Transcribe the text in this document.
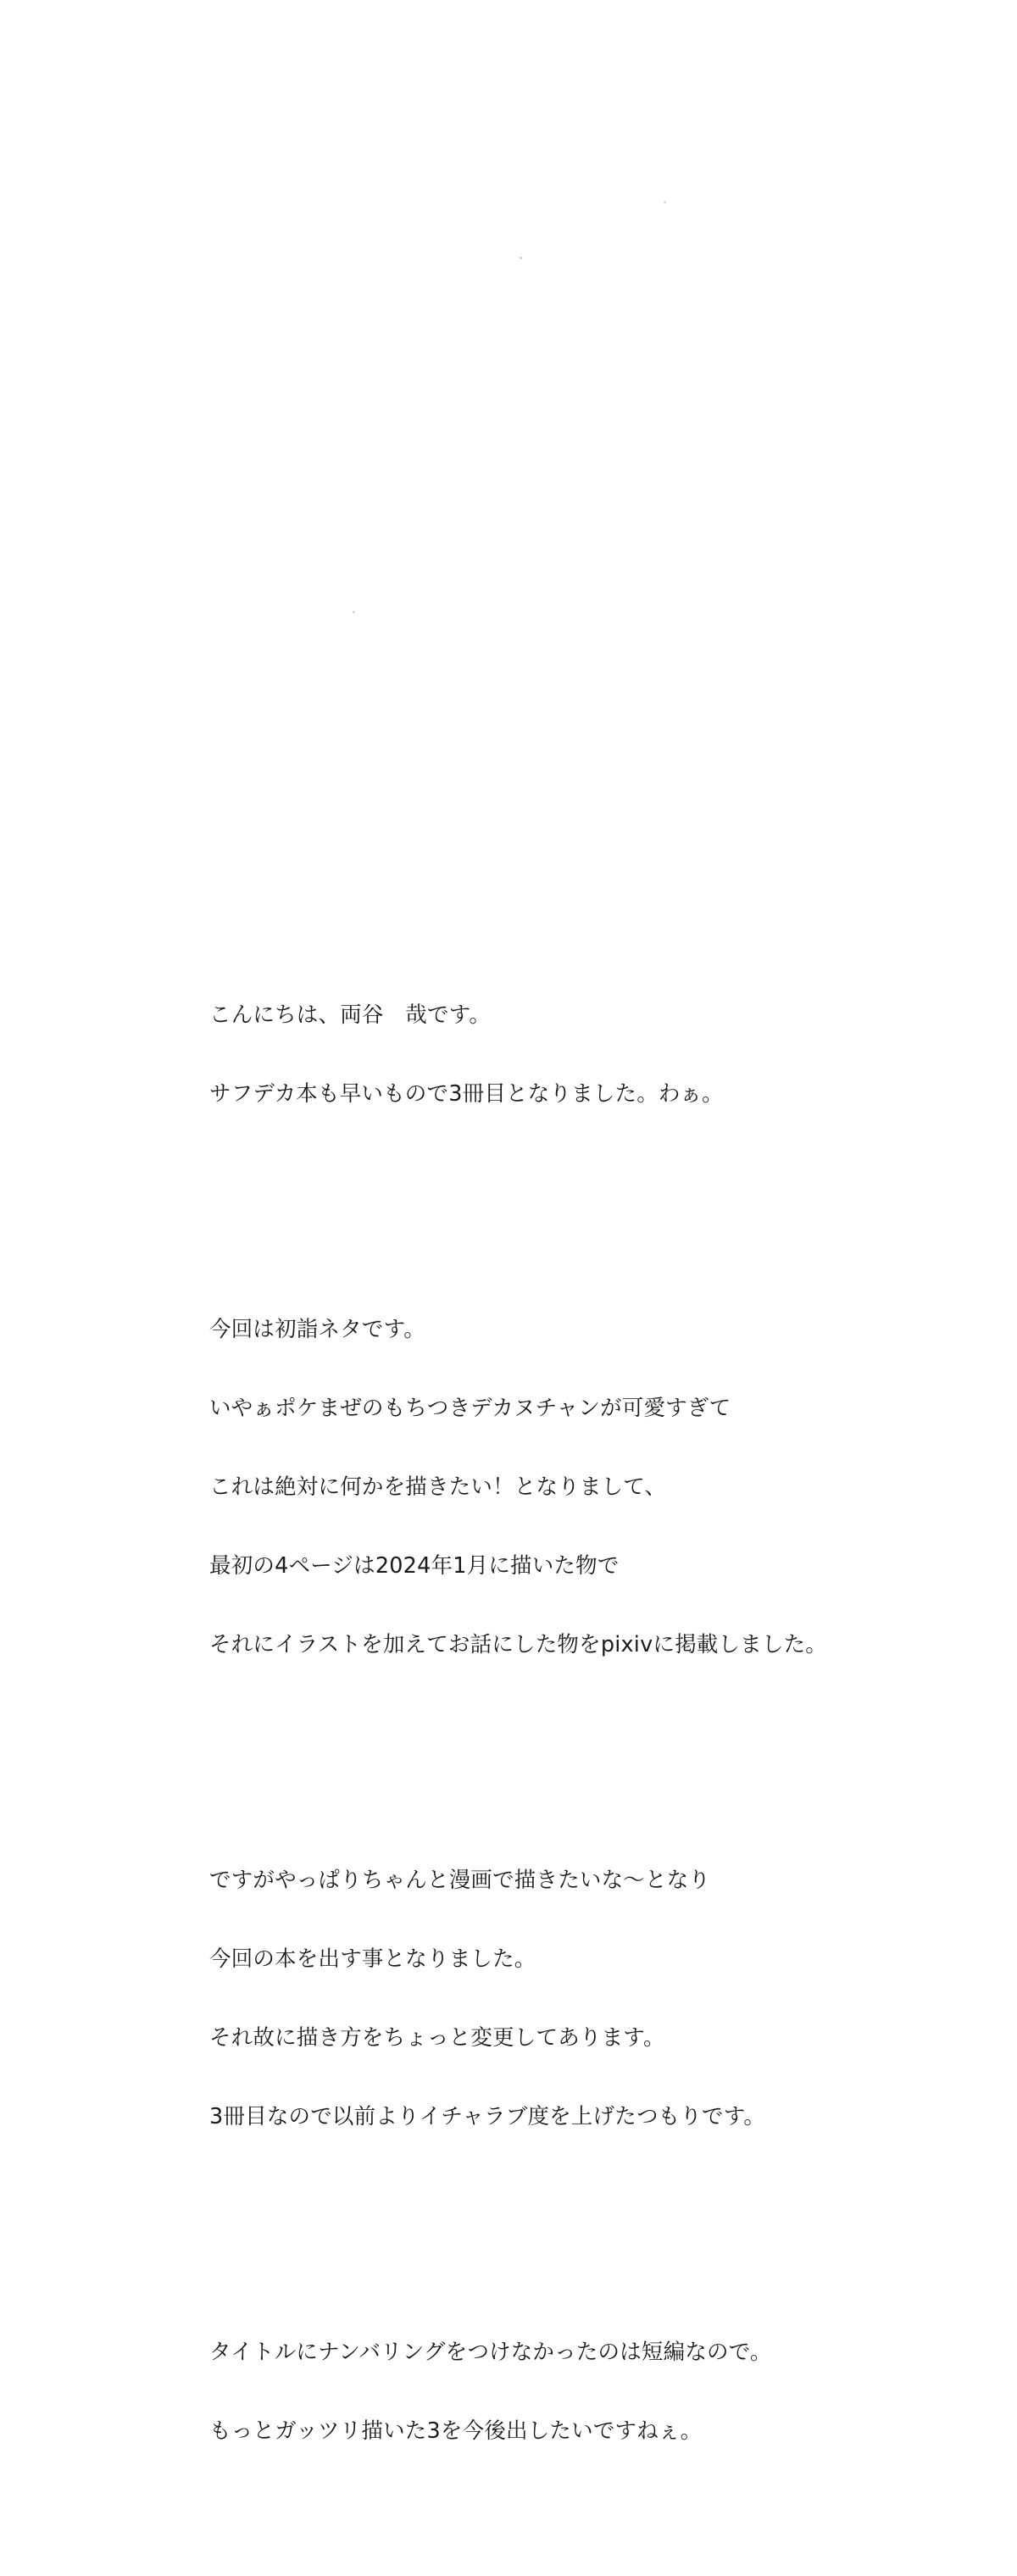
こんにちは、両谷　哉です。

サフデカ本も早いもので3冊目となりました。わぁ。

今回は初詣ネタです。

いやぁポケまぜのもちつきデカヌチャンが可愛すぎて

これは絶対に何かを描きたい！となりまして、

最初の4ページは2024年1月に描いた物で

それにイラストを加えてお話にした物をpixivに掲載しました。

ですがやっぱりちゃんと漫画で描きたいな〜となり

今回の本を出す事となりました。

それ故に描き方をちょっと変更してあります。

3冊目なので以前よりイチャラブ度を上げたつもりです。

タイトルにナンバリングをつけなかったのは短編なので。

もっとガッツリ描いた3を今後出したいですねぇ。
